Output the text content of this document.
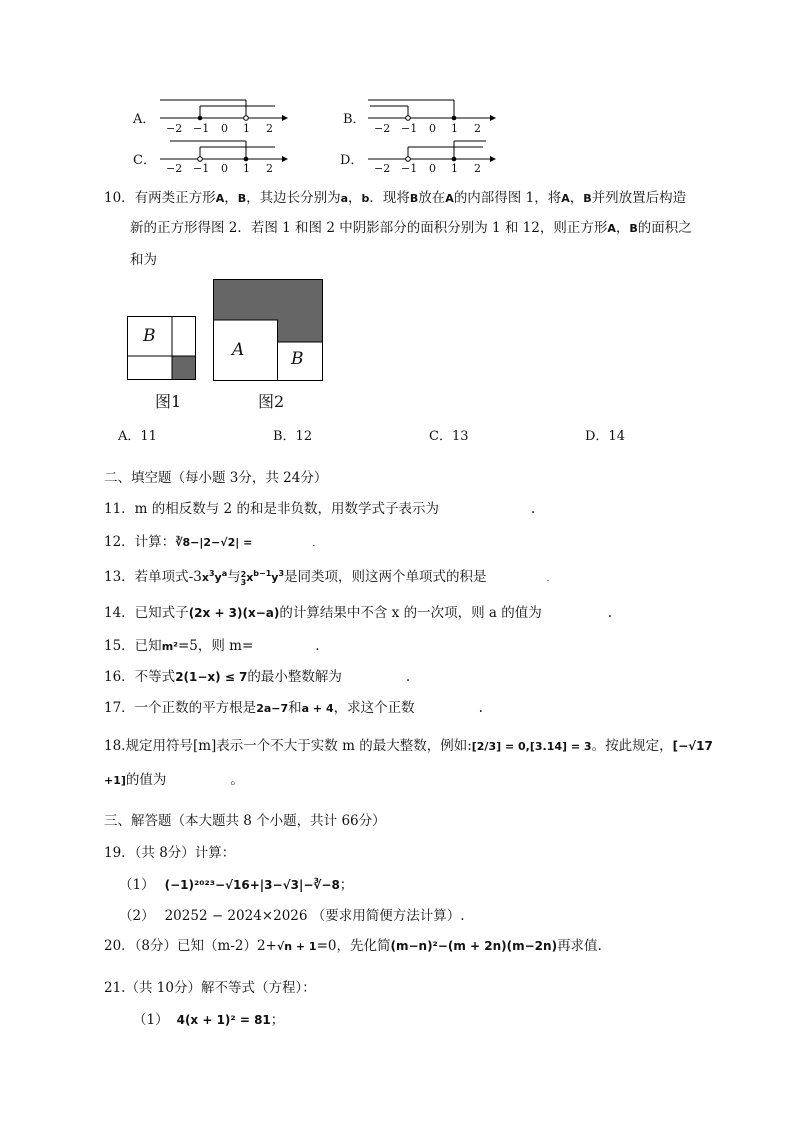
A．	B．
C．	D．
−2 −1 0 1 2	−2 −1 0 1 2
−2 −1 0 1 2	−2 −1 0 1 2
10．有两类正方形A，B，其边长分别为a，b．现将B放在A的内部得图 1，将A，B并列放置后构造
新的正方形得图 2．若图 1 和图 2 中阴影部分的面积分别为 1 和 12，则正方形A，B的面积之
和为
B
图1
A	B
图2
A．11	B．12	C．13	D．14
二、填空题（每小题 3分，共 24分）
11．m 的相反数与 2 的和是非负数，用数学式子表示为	.
12．计算：∛8−|2−√2| =	.
13．若单项式$-3x^3y^a$与2
$3x^{b-1}y^3$是同类项，则这两个单项式的积是	.
14．已知式子(2x + 3)(x−a)的计算结果中不含 x 的一次项，则 a 的值为	.
15．已知m²=5，则 m=	.
16．不等式2(1−x) ≤ 7的最小整数解为	.
17．一个正数的平方根是2a−7和a + 4，求这个正数	.
18.规定用符号[m]表示一个不大于实数 m 的最大整数，例如:[2/3] = 0,[3.14] = 3。按此规定，[−√17
+1]的值为	。
三、解答题（本大题共 8 个小题，共计 66分）
19．（共 8分）计算：
（1） (−1)²⁰²³−√16+|3−√3|−∛−8；
（2） 20252 − 2024×2026 （要求用简便方法计算）.
20．（8分）已知（m-2）2+√n + 1=0，先化简(m−n)²−(m + 2n)(m−2n)再求值.
21.（共 10分）解不等式（方程）：
（1） 4(x + 1)² = 81；
